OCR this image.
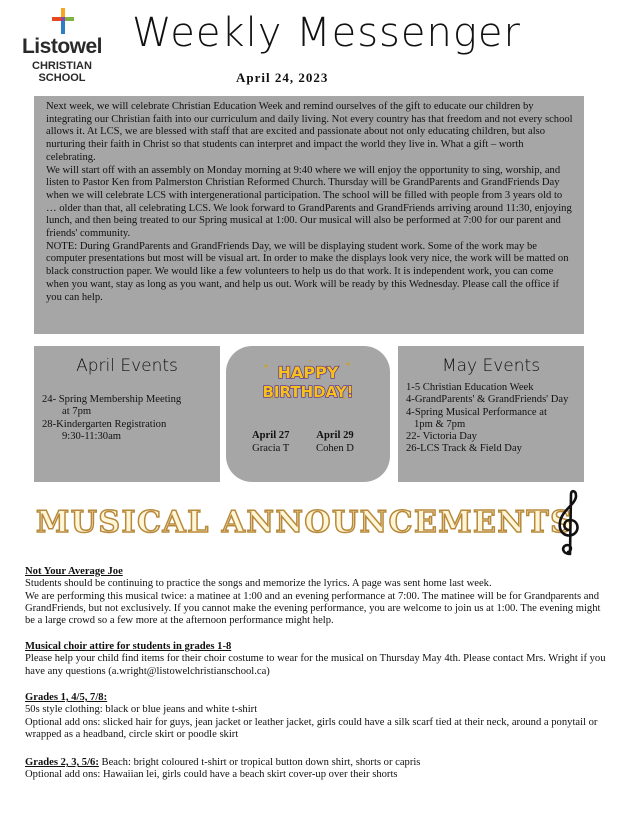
Listowel
CHRISTIAN SCHOOL
Weekly Messenger
April 24, 2023

Next week, we will celebrate Christian Education Week and remind ourselves of the gift to educate our children by integrating our Christian faith into our curriculum and daily living. Not every country has that freedom and not every school allows it. At LCS, we are blessed with staff that are excited and passionate about not only educating children, but also nurturing their faith in Christ so that students can interpret and impact the world they live in. What a gift – worth celebrating.

We will start off with an assembly on Monday morning at 9:40 where we will enjoy the opportunity to sing, worship, and listen to Pastor Ken from Palmerston Christian Reformed Church. Thursday will be GrandParents and GrandFriends Day when we will celebrate LCS with intergenerational participation. The school will be filled with people from 3 years old to … older than that, all celebrating LCS. We look forward to GrandParents and GrandFriends arriving around 11:30, enjoying lunch, and then being treated to our Spring musical at 1:00. Our musical will also be performed at 7:00 for our parent and friends' community.

NOTE: During GrandParents and GrandFriends Day, we will be displaying student work. Some of the work may be computer presentations but most will be visual art. In order to make the displays look very nice, the work will be matted on black construction paper. We would like a few volunteers to help us do that work. It is independent work, you can come when you want, stay as long as you want, and help us out. Work will be ready by this Wednesday. Please call the office if you can help.

April Events
24- Spring Membership Meeting
at 7pm
28-Kindergarten Registration
9:30-11:30am
HAPPY
BIRTHDAY!
April 27
Gracia T
April 29
Cohen D
May Events
1-5 Christian Education Week
4-GrandParents' & GrandFriends' Day
4-Spring Musical Performance at
1pm & 7pm
22- Victoria Day
26-LCS Track & Field Day
MUSICAL ANNOUNCEMENTS

Not Your Average Joe

Students should be continuing to practice the songs and memorize the lyrics. A page was sent home last week.

We are performing this musical twice: a matinee at 1:00 and an evening performance at 7:00. The matinee will be for Grandparents and GrandFriends, but not exclusively. If you cannot make the evening performance, you are welcome to join us at 1:00. The evening might be a large crowd so a few more at the afternoon performance might help.

Musical choir attire for students in grades 1-8

Please help your child find items for their choir costume to wear for the musical on Thursday May 4th. Please contact Mrs. Wright if you have any questions (a.wright@listowelchristianschool.ca)

Grades 1, 4/5, 7/8:

50s style clothing: black or blue jeans and white t-shirt

Optional add ons: slicked hair for guys, jean jacket or leather jacket, girls could have a silk scarf tied at their neck, around a ponytail or wrapped as a headband, circle skirt or poodle skirt

Grades 2, 3, 5/6: Beach: bright coloured t-shirt or tropical button down shirt, shorts or capris

Optional add ons: Hawaiian lei, girls could have a beach skirt cover-up over their shorts
